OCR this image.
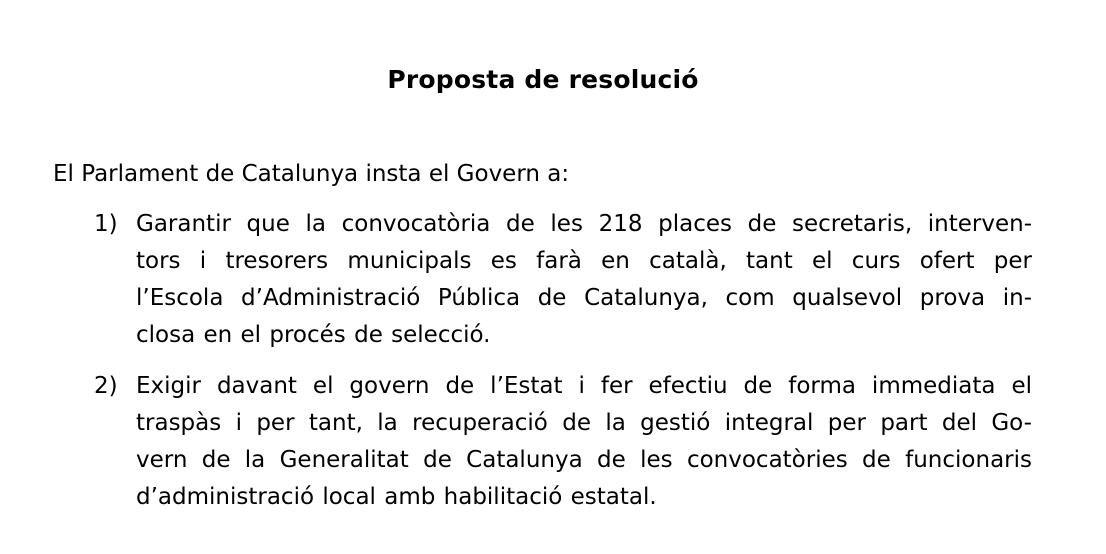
Proposta de resolució
El Parlament de Catalunya insta el Govern a:
1) Garantir que la convocatòria de les 218 places de secretaris, interven-
tors i tresorers municipals es farà en català, tant el curs ofert per
l’Escola d’Administració Pública de Catalunya, com qualsevol prova in-
closa en el procés de selecció.
2) Exigir davant el govern de l’Estat i fer efectiu de forma immediata el
traspàs i per tant, la recuperació de la gestió integral per part del Go-
vern de la Generalitat de Catalunya de les convocatòries de funcionaris
d’administració local amb habilitació estatal.
